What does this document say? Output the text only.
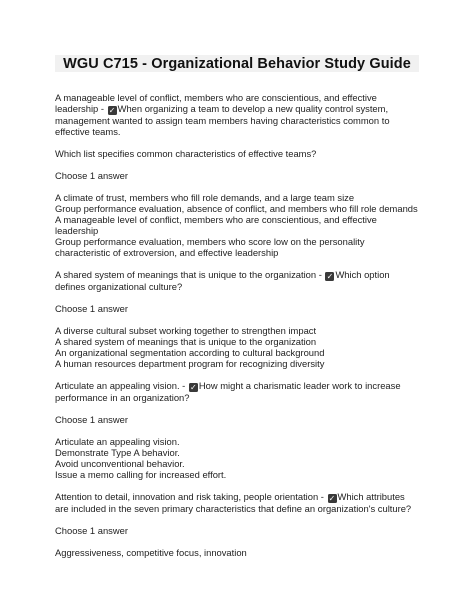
WGU C715 - Organizational Behavior Study Guide
A manageable level of conflict, members who are conscientious, and effective
leadership - ✓ When organizing a team to develop a new quality control system,
management wanted to assign team members having characteristics common to
effective teams.
Which list specifies common characteristics of effective teams?
Choose 1 answer
A climate of trust, members who fill role demands, and a large team size
Group performance evaluation, absence of conflict, and members who fill role demands
A manageable level of conflict, members who are conscientious, and effective
leadership
Group performance evaluation, members who score low on the personality
characteristic of extroversion, and effective leadership
A shared system of meanings that is unique to the organization - ✓ Which option
defines organizational culture?
Choose 1 answer
A diverse cultural subset working together to strengthen impact
A shared system of meanings that is unique to the organization
An organizational segmentation according to cultural background
A human resources department program for recognizing diversity
Articulate an appealing vision. - ✓ How might a charismatic leader work to increase
performance in an organization?
Choose 1 answer
Articulate an appealing vision.
Demonstrate Type A behavior.
Avoid unconventional behavior.
Issue a memo calling for increased effort.
Attention to detail, innovation and risk taking, people orientation - ✓ Which attributes
are included in the seven primary characteristics that define an organization's culture?
Choose 1 answer
Aggressiveness, competitive focus, innovation
